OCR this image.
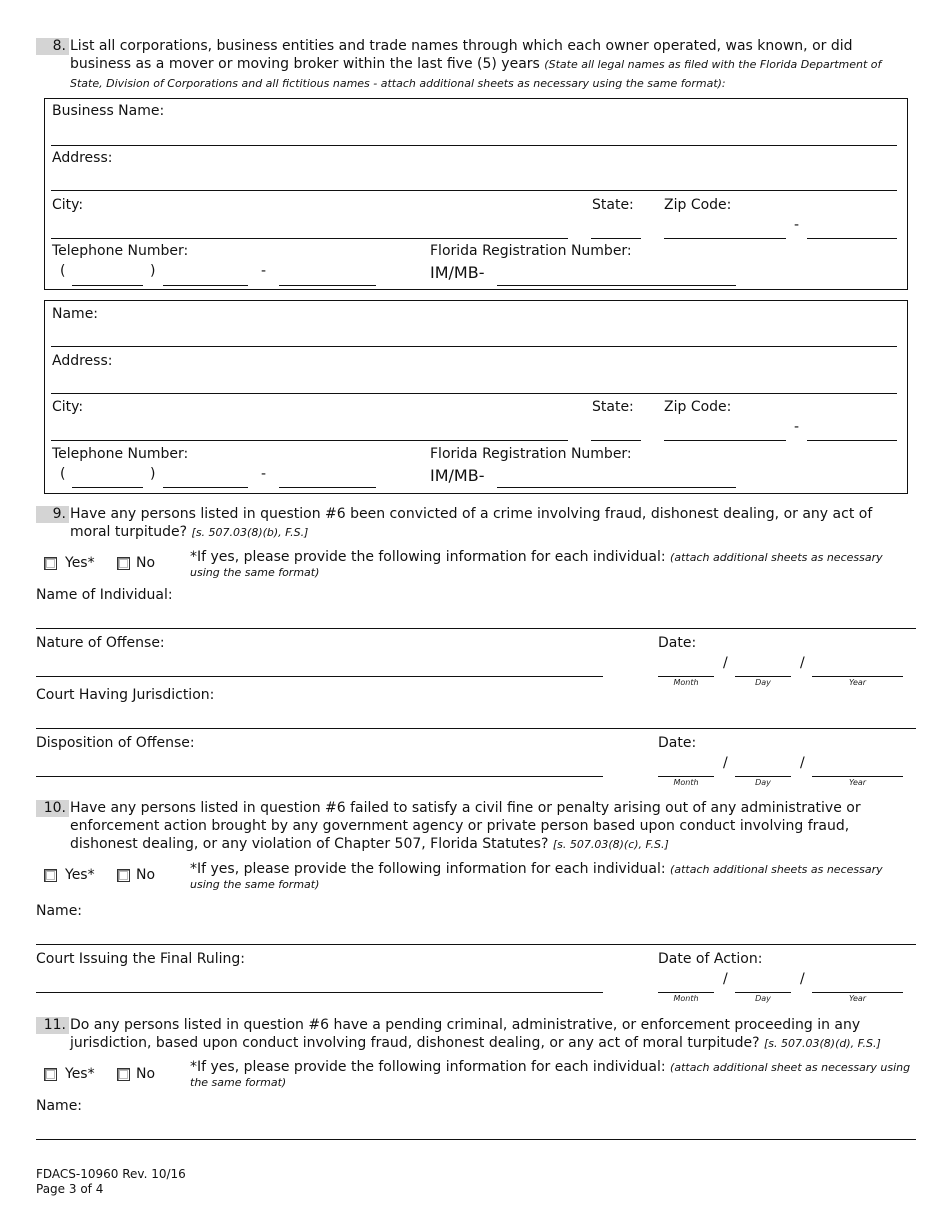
8. List all corporations, business entities and trade names through which each owner operated, was known, or did business as a mover or moving broker within the last five (5) years (State all legal names as filed with the Florida Department of State, Division of Corporations and all fictitious names - attach additional sheets as necessary using the same format):
Business Name:
Address:
City:	State: Zip Code:
-
Telephone Number:
(	)	-
Florida Registration Number:
IM/MB-
Name:
Address:
City:	State: Zip Code:
-
Telephone Number:
(	)	-
Florida Registration Number:
IM/MB-
9. Have any persons listed in question #6 been convicted of a crime involving fraud, dishonest dealing, or any act of moral turpitude? [s. 507.03(8)(b), F.S.]
Yes*	No *If yes, please provide the following information for each individual: (attach additional sheets as necessary using the same format)
Name of Individual:
Nature of Offense:	Date:
/	/
Month	Day	Year
Court Having Jurisdiction:
Disposition of Offense:	Date:
/	/
Month	Day	Year
10. Have any persons listed in question #6 failed to satisfy a civil fine or penalty arising out of any administrative or enforcement action brought by any government agency or private person based upon conduct involving fraud, dishonest dealing, or any violation of Chapter 507, Florida Statutes? [s. 507.03(8)(c), F.S.]
Yes*	No *If yes, please provide the following information for each individual: (attach additional sheets as necessary using the same format)
Name:
Court Issuing the Final Ruling:	Date of Action:
/	/
Month	Day	Year
11. Do any persons listed in question #6 have a pending criminal, administrative, or enforcement proceeding in any jurisdiction, based upon conduct involving fraud, dishonest dealing, or any act of moral turpitude? [s. 507.03(8)(d), F.S.]
Yes*	No *If yes, please provide the following information for each individual: (attach additional sheet as necessary using the same format)
Name:
FDACS-10960 Rev. 10/16
Page 3 of 4
